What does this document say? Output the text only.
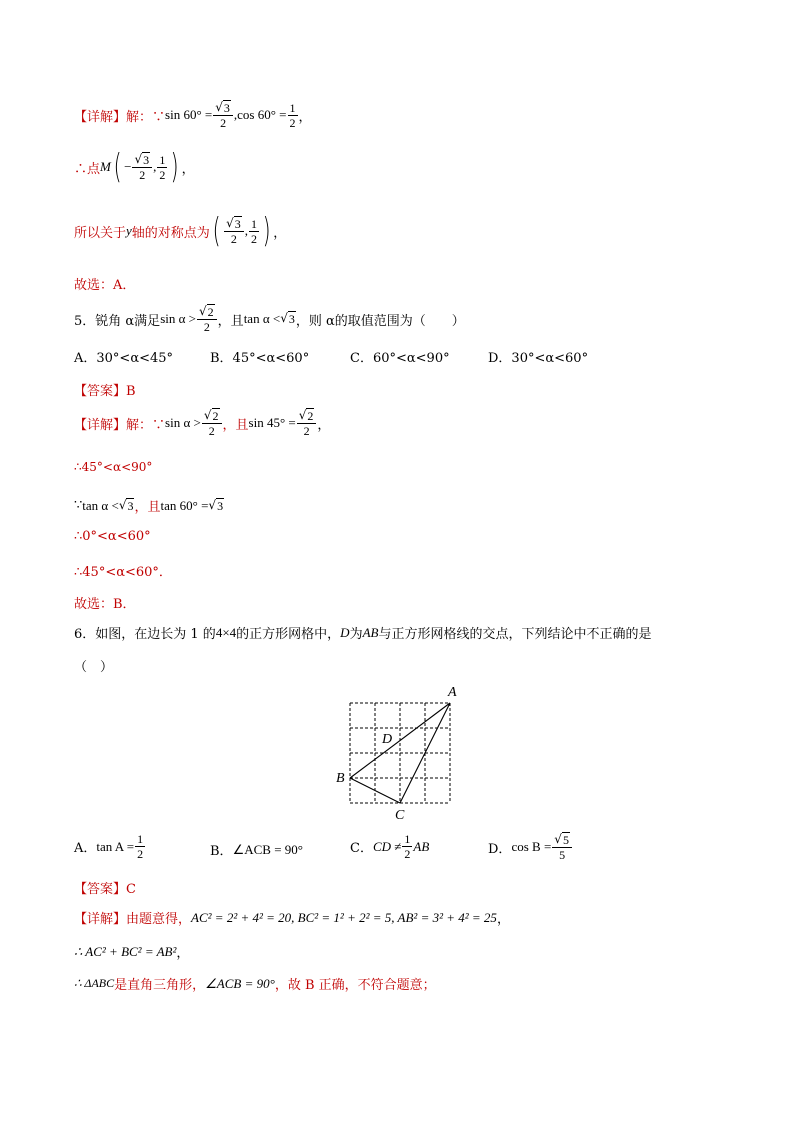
【详解】 解：∵ $\sin 60^\circ = \frac{√ 3}{2} ,\cos$ $60^\circ = \frac{1}{2}$ ，
∴点 M ( − $\frac{√ 3}{2}$ , $\frac{1}{2}$ ) ，
所以关于 y 轴的对称点为 ( $\frac{√ 3}{2}$ , $\frac{1}{2}$ ) ，
故选：A．
5．锐角 α满足 $\sin \alpha > \frac{√ 2}{2}$ ，且 tan α < √ 3 ，则 α的取值范围为（　　）
A．30°<α<45°	B．45°<α<60°	C．60°<α<90°	D．30°<α<60°
【答案】B
【详解】 解：∵ $\sin \alpha > \frac{√ 2}{2}$ ，且 $\sin 45^\circ = \frac{√ 2}{2}$ ，
∴45°<α<90°
∵ tan α < √ 3 ，且 tan 60° = √ 3
∴0°<α<60°
∴45°<α<60°．
故选：B．
6．如图，在边长为 1 的 4×4 的正方形网格中， D 为 AB 与正方形网格线的交点，下列结论中不正确的是
（　）
A
B
C
D
A． $\tan A = \frac{1}{2}$	B． ∠ACB = 90°	C． CD ≠ $\frac{1}{2}$ AB	D． $\cos B = \frac{√ 5}{5}$
【答案】C
【详解】 由题意得， AC² = 2² + 4² = 20, BC² = 1² + 2² = 5, AB² = 3² + 4² = 25 ，
∴ AC² + BC² = AB² ，
∴ ΔABC 是直角三角形， ∠ACB = 90° ，故 B 正确，不符合题意；
